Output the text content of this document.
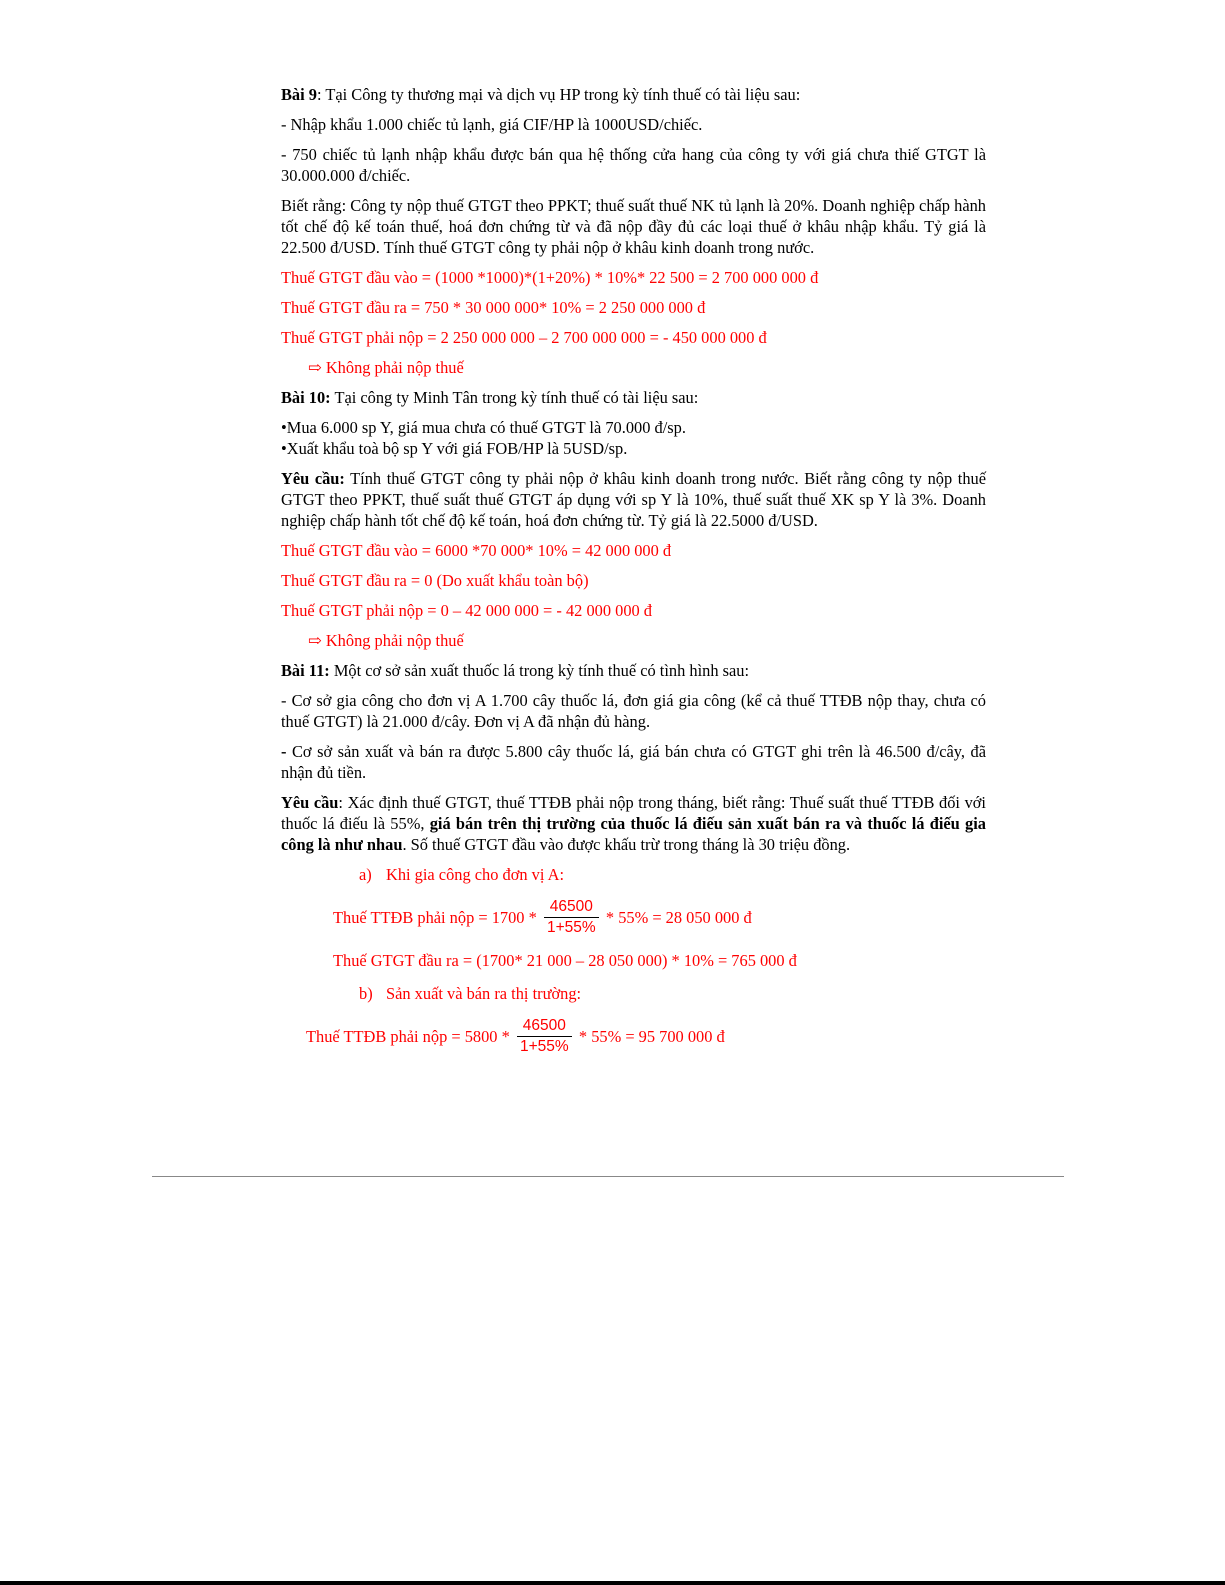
Bài 9: Tại Công ty thương mại và dịch vụ HP trong kỳ tính thuế có tài liệu sau:

- Nhập khẩu 1.000 chiếc tủ lạnh, giá CIF/HP là 1000USD/chiếc.

- 750 chiếc tủ lạnh nhập khẩu được bán qua hệ thống cửa hang của công ty với giá chưa thiế GTGT là 30.000.000 đ/chiếc.

Biết rằng: Công ty nộp thuế GTGT theo PPKT; thuế suất thuế NK tủ lạnh là 20%. Doanh nghiệp chấp hành tốt chế độ kế toán thuế, hoá đơn chứng từ và đã nộp đầy đủ các loại thuế ở khâu nhập khẩu. Tỷ giá là 22.500 đ/USD. Tính thuế GTGT công ty phải nộp ở khâu kinh doanh trong nước.

Thuế GTGT đầu vào = (1000 *1000)*(1+20%) * 10%* 22 500 = 2 700 000 000 đ

Thuế GTGT đầu ra = 750 * 30 000 000* 10% = 2 250 000 000 đ

Thuế GTGT phải nộp = 2 250 000 000 – 2 700 000 000 = - 450 000 000 đ

⇨ Không phải nộp thuế

Bài 10: Tại công ty Minh Tân trong kỳ tính thuế có tài liệu sau:

•Mua 6.000 sp Y, giá mua chưa có thuế GTGT là 70.000 đ/sp.

•Xuất khẩu toà bộ sp Y với giá FOB/HP là 5USD/sp.

Yêu cầu: Tính thuế GTGT công ty phải nộp ở khâu kinh doanh trong nước. Biết rằng công ty nộp thuế GTGT theo PPKT, thuế suất thuế GTGT áp dụng với sp Y là 10%, thuế suất thuế XK sp Y là 3%. Doanh nghiệp chấp hành tốt chế độ kế toán, hoá đơn chứng từ. Tỷ giá là 22.5000 đ/USD.

Thuế GTGT đầu vào = 6000 *70 000* 10% = 42 000 000 đ

Thuế GTGT đầu ra = 0 (Do xuất khẩu toàn bộ)

Thuế GTGT phải nộp = 0 – 42 000 000 = - 42 000 000 đ

⇨ Không phải nộp thuế

Bài 11: Một cơ sở sản xuất thuốc lá trong kỳ tính thuế có tình hình sau:

- Cơ sở gia công cho đơn vị A 1.700 cây thuốc lá, đơn giá gia công (kể cả thuế TTĐB nộp thay, chưa có thuế GTGT) là 21.000 đ/cây. Đơn vị A đã nhận đủ hàng.

- Cơ sở sản xuất và bán ra được 5.800 cây thuốc lá, giá bán chưa có GTGT ghi trên là 46.500 đ/cây, đã nhận đủ tiền.

Yêu cầu: Xác định thuế GTGT, thuế TTĐB phải nộp trong tháng, biết rằng: Thuế suất thuế TTĐB đối với thuốc lá điếu là 55%, giá bán trên thị trường của thuốc lá điếu sản xuất bán ra và thuốc lá điếu gia công là như nhau. Số thuế GTGT đầu vào được khấu trừ trong tháng là 30 triệu đồng.

a) Khi gia công cho đơn vị A:
Thuế TTĐB phải nộp = $1700 * \frac{46500}{1+55\%} * 55\% = 28$ 050 000 đ
Thuế GTGT đầu ra = (1700* 21 000 – 28 050 000) * 10% = 765 000 đ
b) Sản xuất và bán ra thị trường:
Thuế TTĐB phải nộp = $5800 * \frac{46500}{1+55\%} * 55\% = 95$ 700 000 đ
